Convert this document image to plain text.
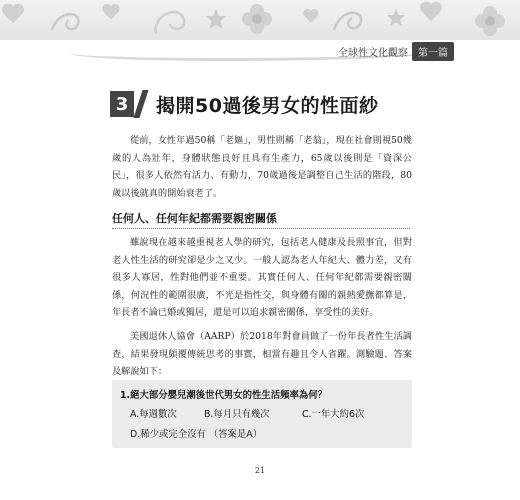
全球性文化觀察	第一篇
3	揭開50過後男女的性面紗

從前，女性年過50稱「老嫗」，男性則稱「老翁」，現在社會則視50幾歲的人為壯年，身體狀態良好且具有生產力，65歲以後則是「資深公民」，很多人依然有活力、有動力，70歲過後是調整自己生活的階段，80歲以後就真的開始衰老了。

任何人、任何年紀都需要親密關係

雖說現在越來越重視老人學的研究，包括老人健康及長照事宜，但對老人性生活的研究卻是少之又少。一般人認為老人年紀大、體力差，又有很多人寡居，性對他們並不重要。其實任何人、任何年紀都需要親密關係，何況性的範圍很廣，不光是指性交，與身體有關的親熱愛撫都算是，年長者不論已婚或獨居，還是可以追求親密關係，享受性的美好。

美國退休人協會（AARP）於2018年對會員做了一份年長者性生活調查，結果發現頗覆傳統思考的事實，相當有趣且令人省躍。測驗題、答案及解說如下：

1.絕大部分嬰兒潮後世代男女的性生活頻率為何？
A.每週數次	B.每月只有幾次	C.一年大約6次
D.稀少或完全沒有 （答案是A）
21
